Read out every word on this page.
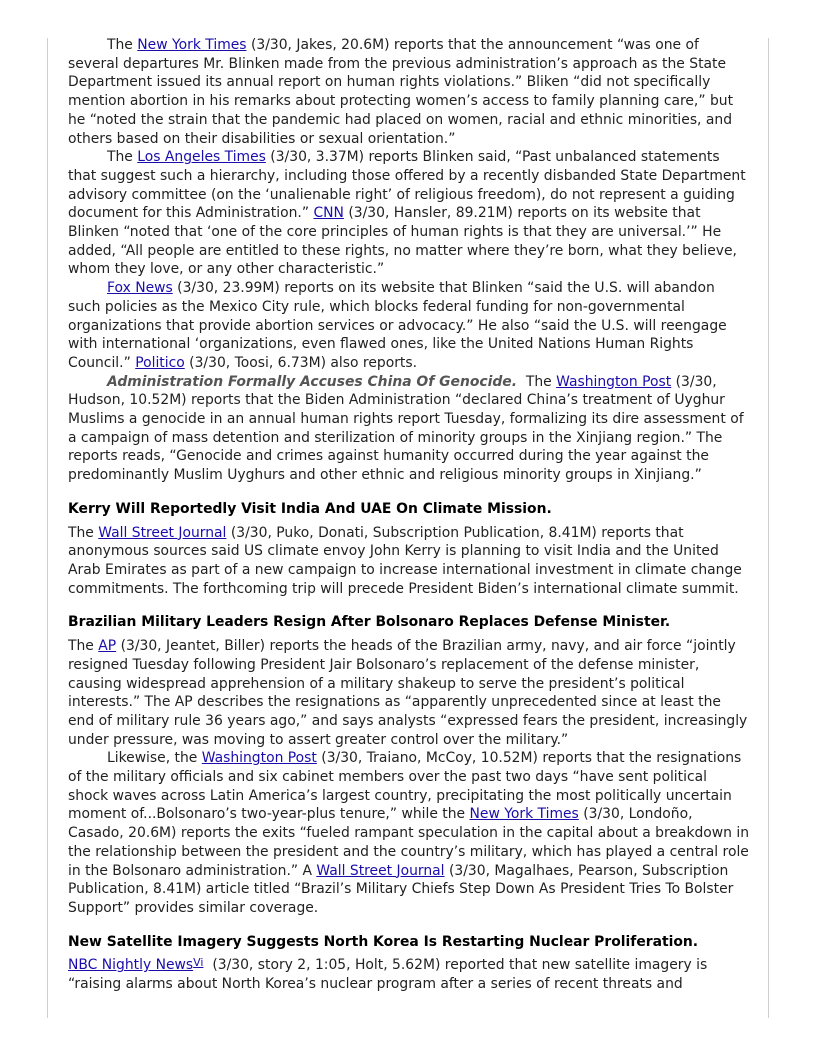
The New York Times (3/30, Jakes, 20.6M) reports that the announcement “was one of several departures Mr. Blinken made from the previous administration’s approach as the State Department issued its annual report on human rights violations.” Bliken “did not specifically mention abortion in his remarks about protecting women’s access to family planning care,” but he “noted the strain that the pandemic had placed on women, racial and ethnic minorities, and others based on their disabilities or sexual orientation.”

The Los Angeles Times (3/30, 3.37M) reports Blinken said, “Past unbalanced statements that suggest such a hierarchy, including those offered by a recently disbanded State Department advisory committee (on the ‘unalienable right’ of religious freedom), do not represent a guiding document for this Administration.” CNN (3/30, Hansler, 89.21M) reports on its website that Blinken “noted that ‘one of the core principles of human rights is that they are universal.’” He added, “All people are entitled to these rights, no matter where they’re born, what they believe, whom they love, or any other characteristic.”

Fox News (3/30, 23.99M) reports on its website that Blinken “said the U.S. will abandon such policies as the Mexico City rule, which blocks federal funding for non-governmental organizations that provide abortion services or advocacy.” He also “said the U.S. will reengage with international ‘organizations, even flawed ones, like the United Nations Human Rights Council.” Politico (3/30, Toosi, 6.73M) also reports.

Administration Formally Accuses China Of Genocide.  The Washington Post (3/30, Hudson, 10.52M) reports that the Biden Administration “declared China’s treatment of Uyghur Muslims a genocide in an annual human rights report Tuesday, formalizing its dire assessment of a campaign of mass detention and sterilization of minority groups in the Xinjiang region.” The reports reads, “Genocide and crimes against humanity occurred during the year against the predominantly Muslim Uyghurs and other ethnic and religious minority groups in Xinjiang.”

Kerry Will Reportedly Visit India And UAE On Climate Mission.

The Wall Street Journal (3/30, Puko, Donati, Subscription Publication, 8.41M) reports that anonymous sources said US climate envoy John Kerry is planning to visit India and the United Arab Emirates as part of a new campaign to increase international investment in climate change commitments. The forthcoming trip will precede President Biden’s international climate summit.

Brazilian Military Leaders Resign After Bolsonaro Replaces Defense Minister.

The AP (3/30, Jeantet, Biller) reports the heads of the Brazilian army, navy, and air force “jointly resigned Tuesday following President Jair Bolsonaro’s replacement of the defense minister, causing widespread apprehension of a military shakeup to serve the president’s political interests.” The AP describes the resignations as “apparently unprecedented since at least the end of military rule 36 years ago,” and says analysts “expressed fears the president, increasingly under pressure, was moving to assert greater control over the military.”

Likewise, the Washington Post (3/30, Traiano, McCoy, 10.52M) reports that the resignations of the military officials and six cabinet members over the past two days “have sent political shock waves across Latin America’s largest country, precipitating the most politically uncertain moment of...Bolsonaro’s two-year-plus tenure,” while the New York Times (3/30, Londoño, Casado, 20.6M) reports the exits “fueled rampant speculation in the capital about a breakdown in the relationship between the president and the country’s military, which has played a central role in the Bolsonaro administration.” A Wall Street Journal (3/30, Magalhaes, Pearson, Subscription Publication, 8.41M) article titled “Brazil’s Military Chiefs Step Down As President Tries To Bolster Support” provides similar coverage.

New Satellite Imagery Suggests North Korea Is Restarting Nuclear Proliferation.

NBC Nightly News$^{Vi}$  (3/30, story 2, 1:05, Holt, 5.62M) reported that new satellite imagery is “raising alarms about North Korea’s nuclear program after a series of recent threats and
